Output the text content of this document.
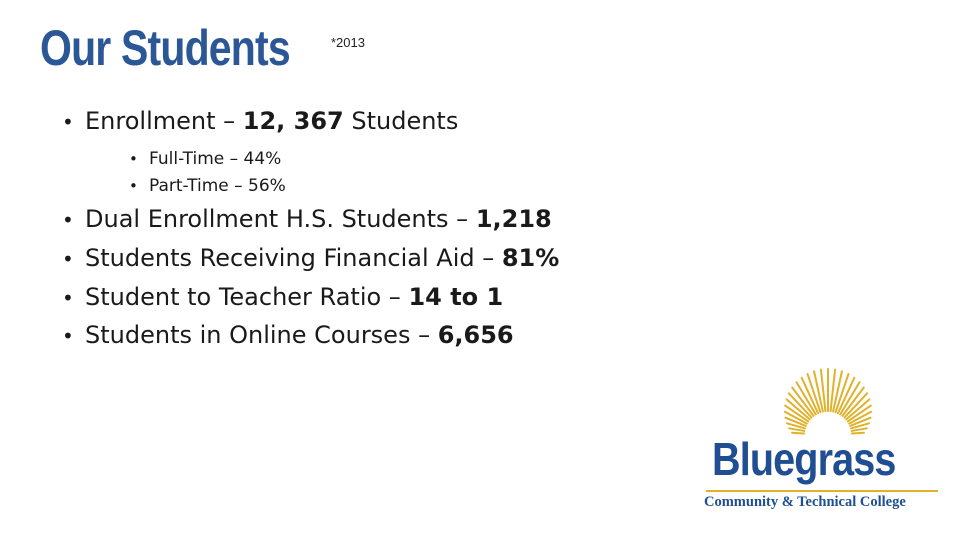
Our Students	*2013
• Enrollment – 12, 367 Students
• Full-Time – 44%
• Part-Time – 56%
• Dual Enrollment H.S. Students – 1,218
• Students Receiving Financial Aid – 81%
• Student to Teacher Ratio – 14 to 1
• Students in Online Courses – 6,656
Bluegrass
Community & Technical College
